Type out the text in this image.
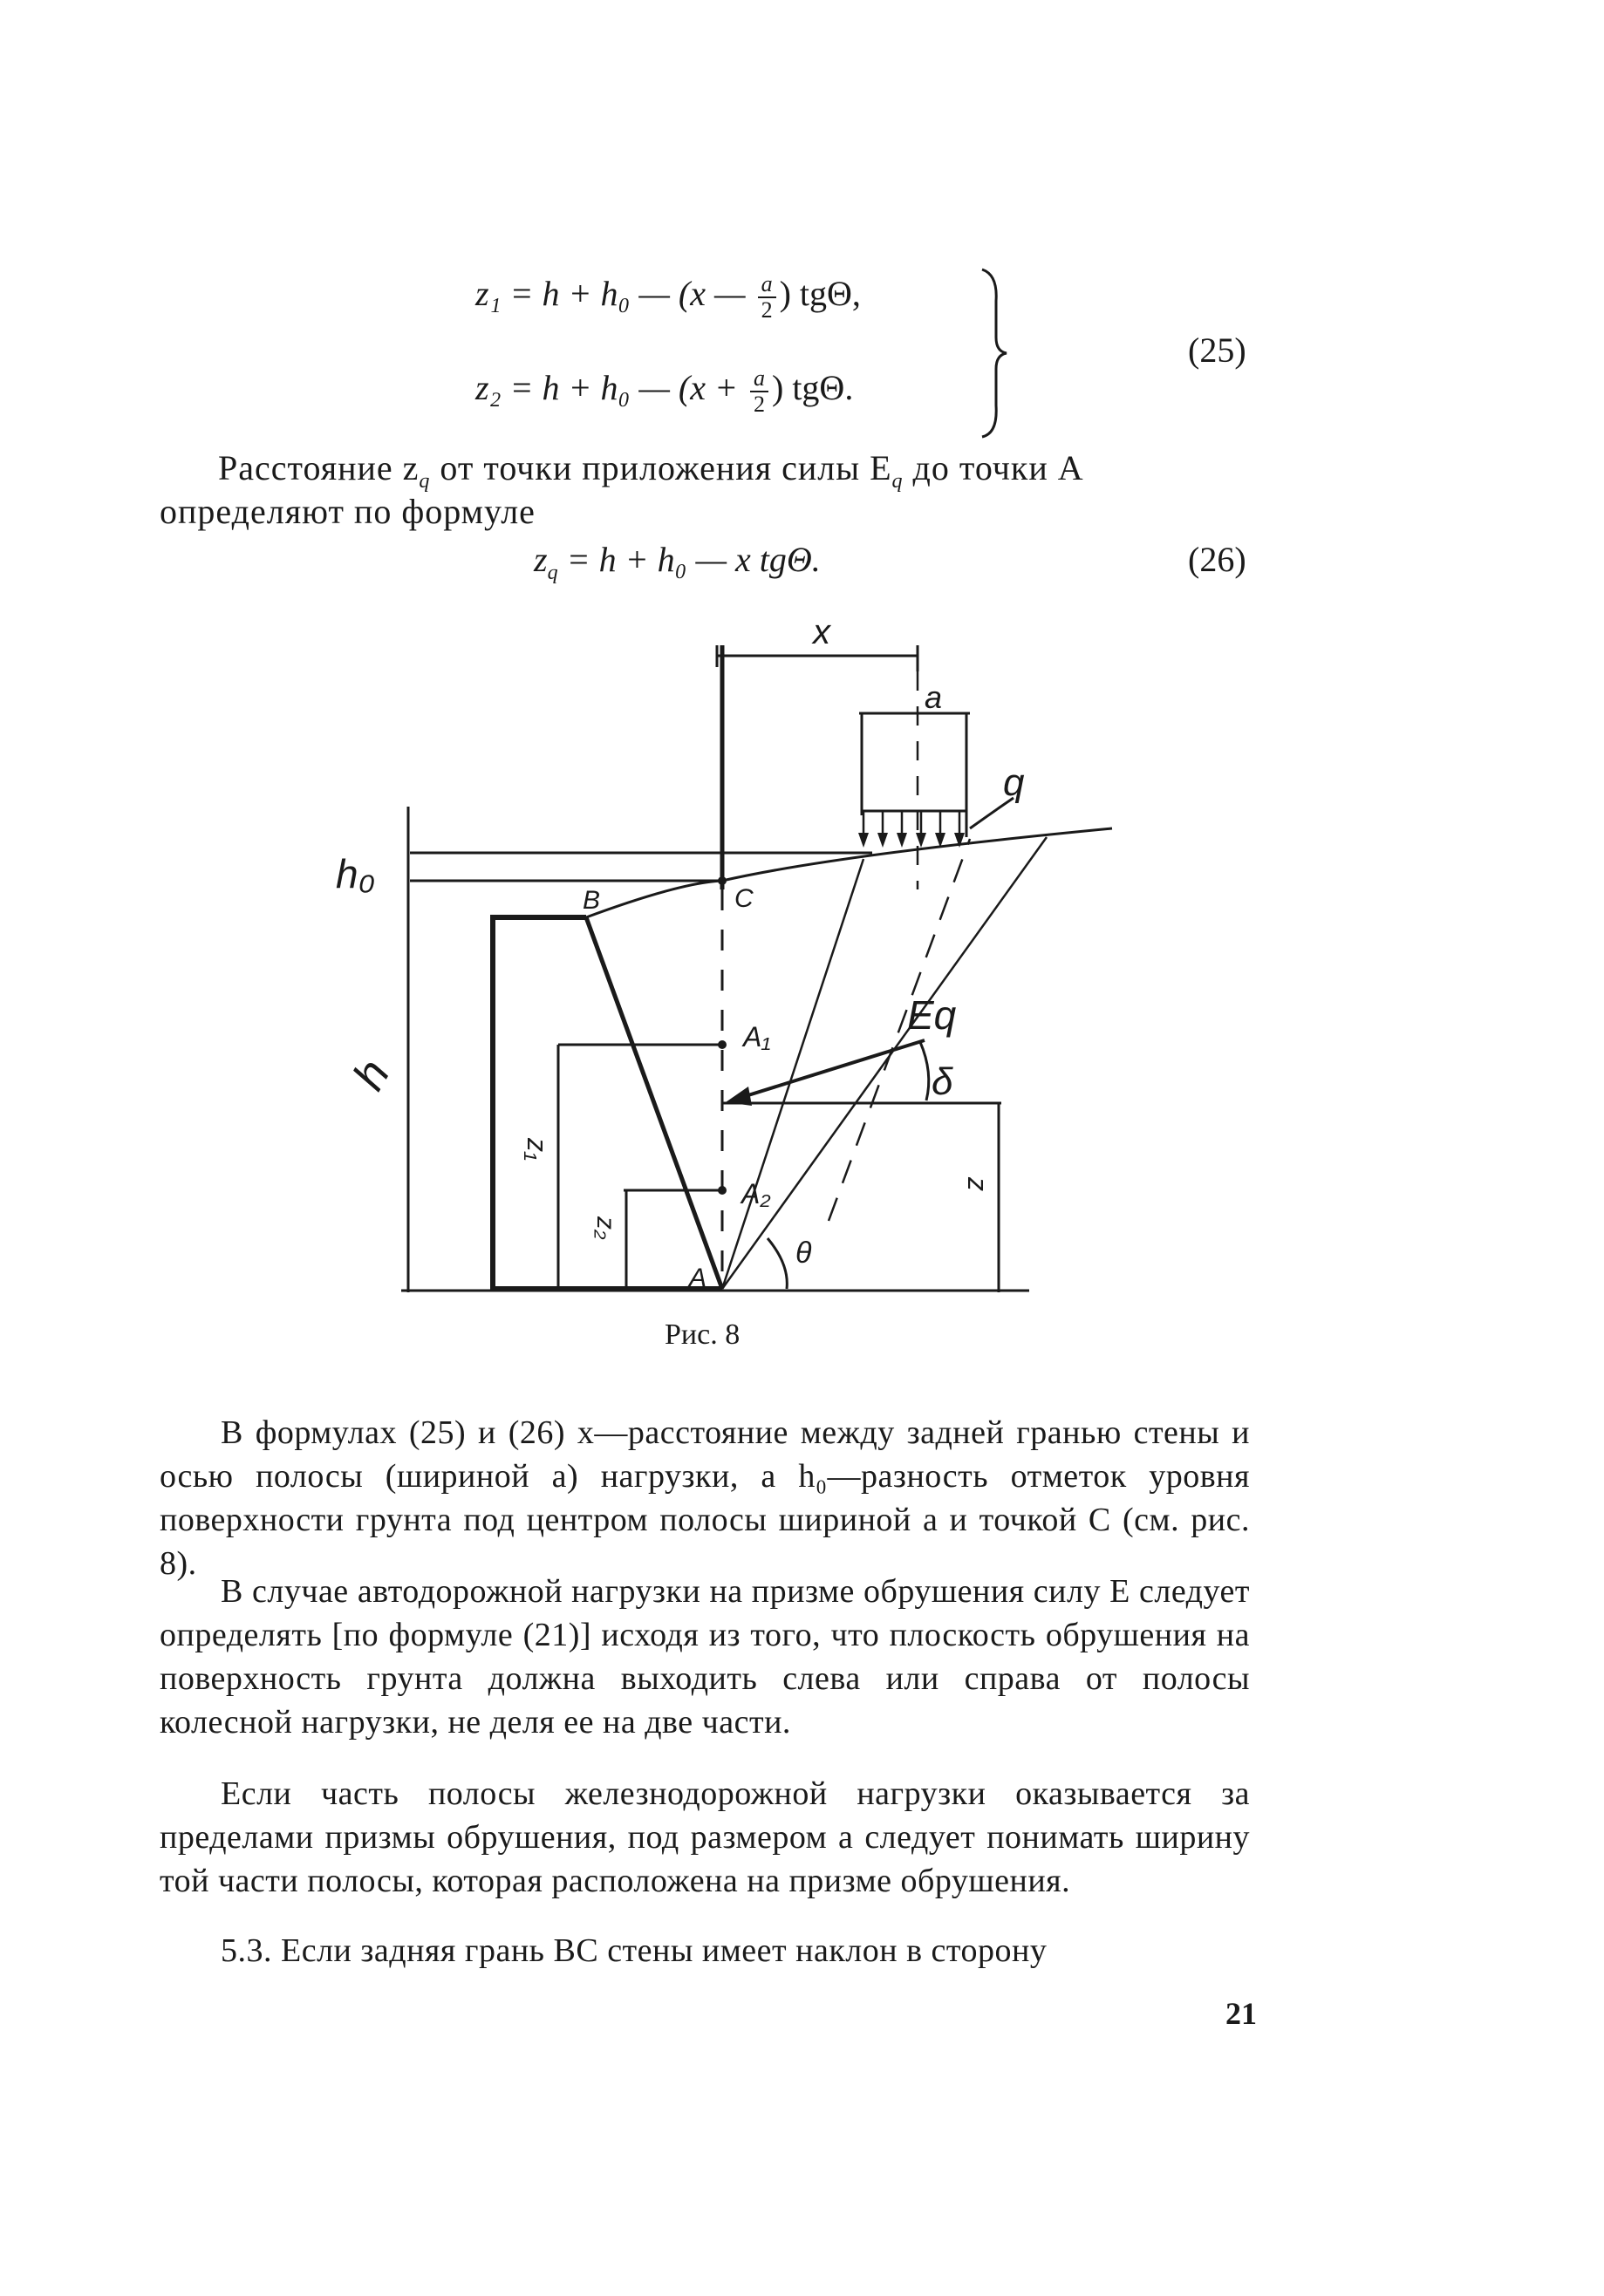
z₁ = h + h₀ — (x — $\frac{a}{2}$ ) tgΘ,
z₂ = h + h₀ — ($x + \frac{a}{2}$ ) tgΘ.
(25)
Расстояние $z_q$ от точки приложения силы $E_q$ до точки A
определяют по формуле
$z_q = h + h_0$ — x tgΘ.	(26)
x
a
q
h₀
h
B	C
A₁
A₂
A
Eq
δ
θ
z₁
z₂
z
Рис. 8
В формулах (25) и (26) x—расстояние между задней гранью стены и осью полосы (шириной a) нагрузки, а h₀—разность отметок уровня поверхности грунта под центром полосы шириной a и точкой C (см. рис. 8).
В случае автодорожной нагрузки на призме обрушения силу E следует определять [по формуле (21)] исходя из того, что плоскость обрушения на поверхность грунта должна выходить слева или справа от полосы колесной нагрузки, не деля ее на две части.
Если часть полосы железнодорожной нагрузки оказывается за пределами призмы обрушения, под размером a следует понимать ширину той части полосы, которая расположена на призме обрушения.
5.3. Если задняя грань BC стены имеет наклон в сторону
21
